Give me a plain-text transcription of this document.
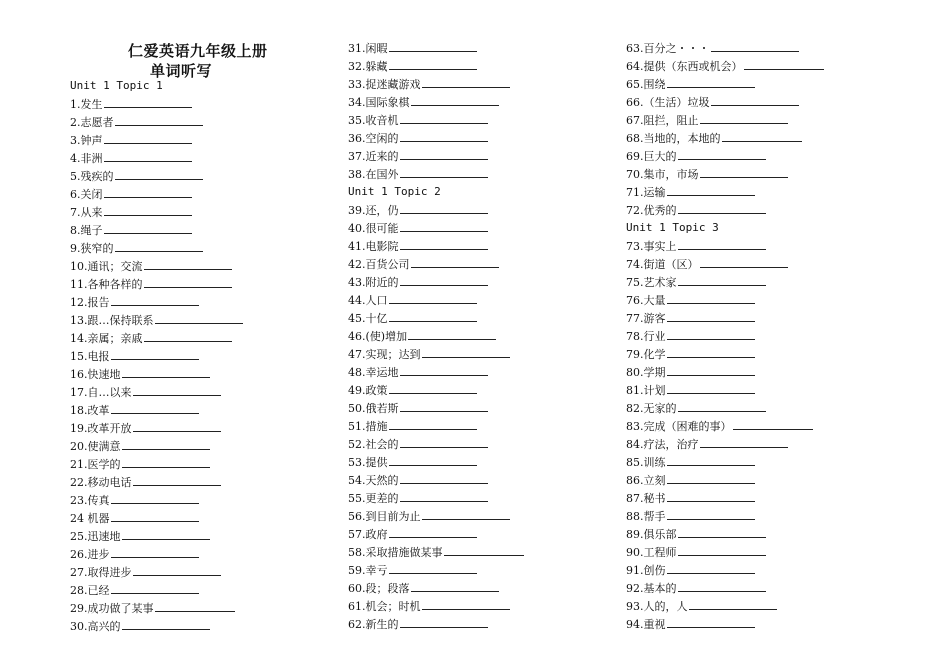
仁爱英语九年级上册
单词听写
Unit 1 Topic 1
1.发生
2.志愿者
3.钟声
4.非洲
5.残疾的
6.关闭
7.从来
8.绳子
9.狭窄的
10.通讯；交流
11.各种各样的
12.报告
13.跟…保持联系
14.亲属；亲戚
15.电报
16.快速地
17.自…以来
18.改革
19.改革开放
20.使满意
21.医学的
22.移动电话
23.传真
24 机器
25.迅速地
26.进步
27.取得进步
28.已经
29.成功做了某事
30.高兴的
31.闲暇
32.躲藏
33.捉迷藏游戏
34.国际象棋
35.收音机
36.空闲的
37.近来的
38.在国外
Unit 1 Topic 2
39.还，仍
40.很可能
41.电影院
42.百货公司
43.附近的
44.人口
45.十亿
46.(使)增加
47.实现；达到
48.幸运地
49.政策
50.俄若斯
51.措施
52.社会的
53.提供
54.天然的
55.更差的
56.到目前为止
57.政府
58.采取措施做某事
59.幸亏
60.段；段落
61.机会；时机
62.新生的
63.百分之・・・
64.提供（东西或机会）
65.围绕
66.（生活）垃圾
67.阻拦，阻止
68.当地的，本地的
69.巨大的
70.集市，市场
71.运输
72.优秀的
Unit 1 Topic 3
73.事实上
74.街道（区）
75.艺术家
76.大量
77.游客
78.行业
79.化学
80.学期
81.计划
82.无家的
83.完成（困难的事）
84.疗法，治疗
85.训练
86.立刻
87.秘书
88.帮手
89.俱乐部
90.工程师
91.创伤
92.基本的
93.人的，人
94.重视
